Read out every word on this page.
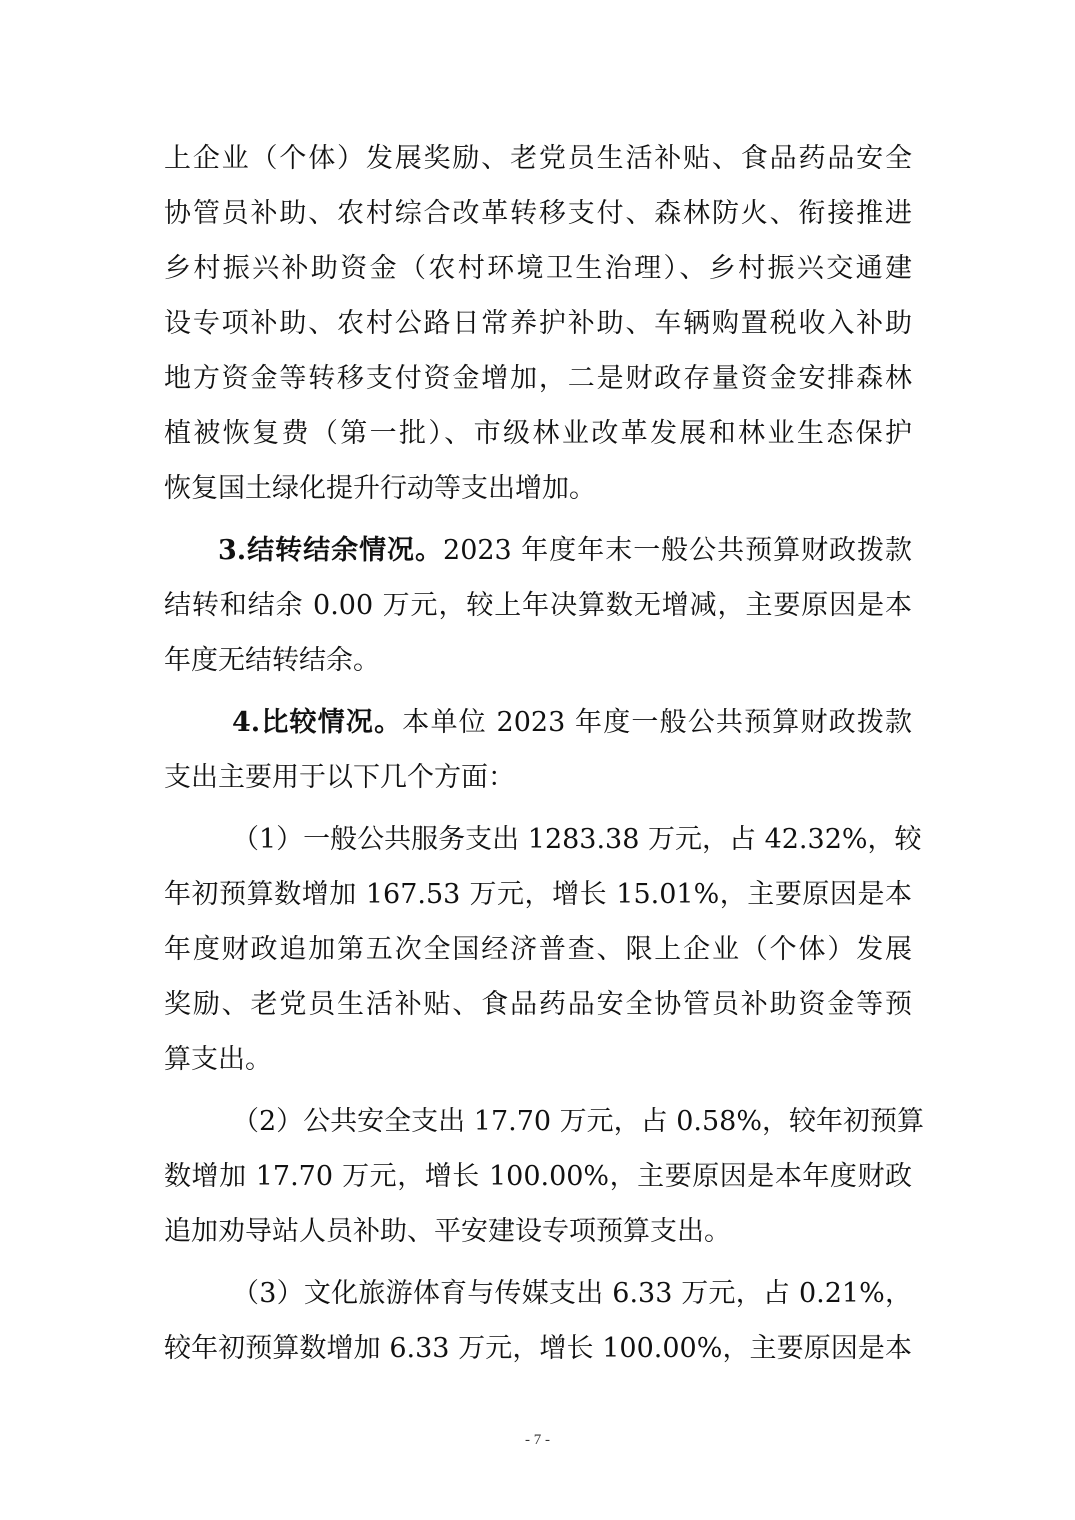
上企业（个体）发展奖励、老党员生活补贴、食品药品安全
协管员补助、农村综合改革转移支付、森林防火、衔接推进
乡村振兴补助资金（农村环境卫生治理）、乡村振兴交通建
设专项补助、农村公路日常养护补助、车辆购置税收入补助
地方资金等转移支付资金增加，二是财政存量资金安排森林
植被恢复费（第一批）、市级林业改革发展和林业生态保护
恢复国土绿化提升行动等支出增加。
3.结转结余情况。2023 年度年末一般公共预算财政拨款
结转和结余 0.00 万元，较上年决算数无增减，主要原因是本
年度无结转结余。
4.比较情况。本单位 2023 年度一般公共预算财政拨款
支出主要用于以下几个方面：
（1）一般公共服务支出 1283.38 万元，占 42.32%，较
年初预算数增加 167.53 万元，增长 15.01%，主要原因是本
年度财政追加第五次全国经济普查、限上企业（个体）发展
奖励、老党员生活补贴、食品药品安全协管员补助资金等预
算支出。
（2）公共安全支出 17.70 万元，占 0.58%，较年初预算
数增加 17.70 万元，增长 100.00%，主要原因是本年度财政
追加劝导站人员补助、平安建设专项预算支出。
（3）文化旅游体育与传媒支出 6.33 万元，占 0.21%，
较年初预算数增加 6.33 万元，增长 100.00%，主要原因是本
- 7 -
